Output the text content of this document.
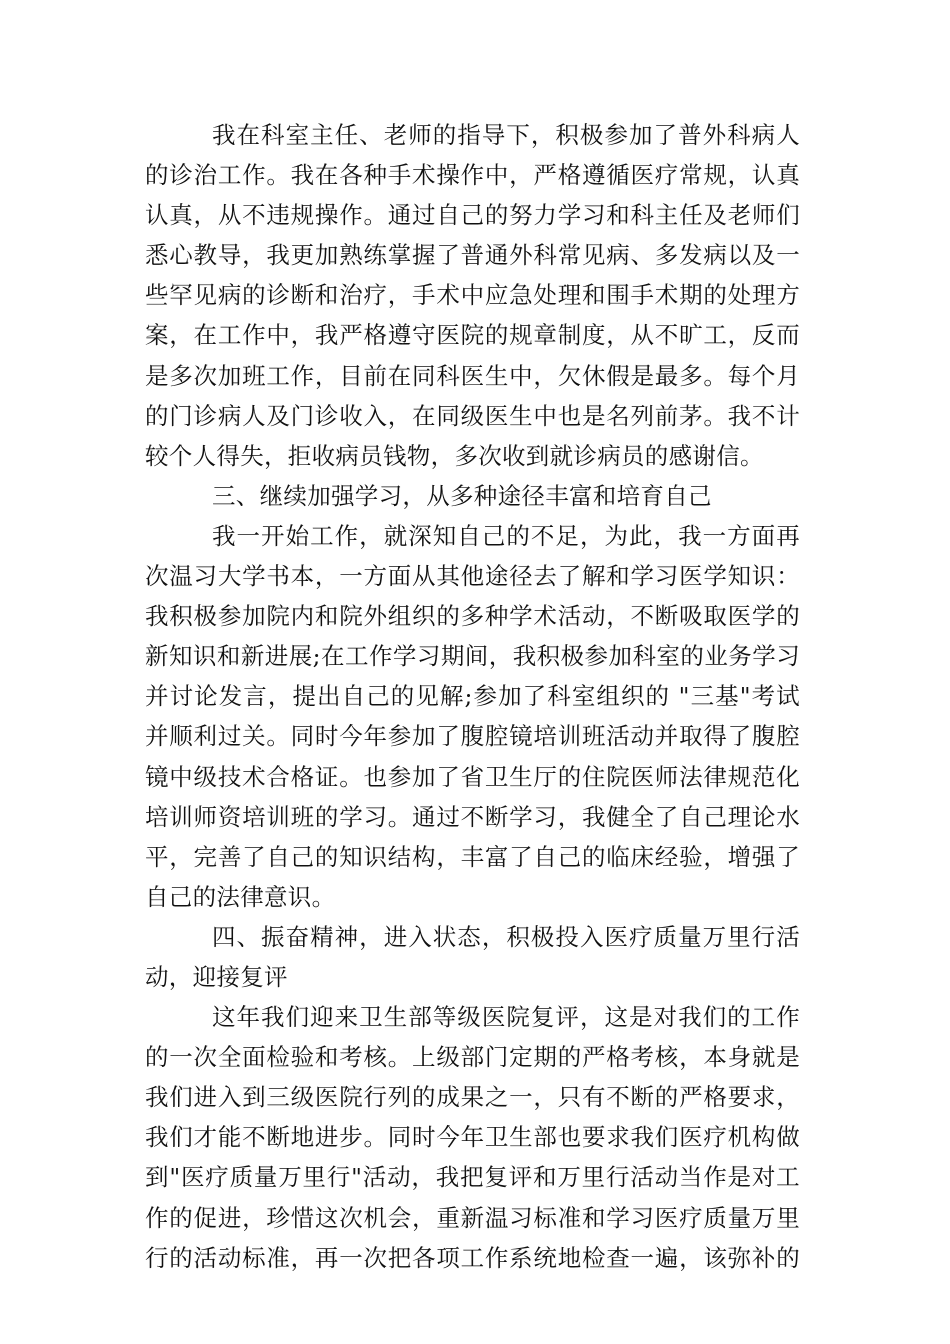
我在科室主任、老师的指导下，积极参加了普外科病人
的诊治工作。我在各种手术操作中，严格遵循医疗常规，认真
认真，从不违规操作。通过自己的努力学习和科主任及老师们
悉心教导，我更加熟练掌握了普通外科常见病、多发病以及一
些罕见病的诊断和治疗，手术中应急处理和围手术期的处理方
案，在工作中，我严格遵守医院的规章制度，从不旷工，反而
是多次加班工作，目前在同科医生中，欠休假是最多。每个月
的门诊病人及门诊收入，在同级医生中也是名列前茅。我不计
较个人得失，拒收病员钱物，多次收到就诊病员的感谢信。
三、继续加强学习，从多种途径丰富和培育自己
我一开始工作，就深知自己的不足，为此，我一方面再
次温习大学书本，一方面从其他途径去了解和学习医学知识：
我积极参加院内和院外组织的多种学术活动，不断吸取医学的
新知识和新进展;在工作学习期间，我积极参加科室的业务学习
并讨论发言，提出自己的见解;参加了科室组织的 "三基"考试
并顺利过关。同时今年参加了腹腔镜培训班活动并取得了腹腔
镜中级技术合格证。也参加了省卫生厅的住院医师法律规范化
培训师资培训班的学习。通过不断学习，我健全了自己理论水
平，完善了自己的知识结构，丰富了自己的临床经验，增强了
自己的法律意识。
四、振奋精神，进入状态，积极投入医疗质量万里行活
动，迎接复评
这年我们迎来卫生部等级医院复评，这是对我们的工作
的一次全面检验和考核。上级部门定期的严格考核，本身就是
我们进入到三级医院行列的成果之一，只有不断的严格要求，
我们才能不断地进步。同时今年卫生部也要求我们医疗机构做
到"医疗质量万里行"活动，我把复评和万里行活动当作是对工
作的促进，珍惜这次机会，重新温习标准和学习医疗质量万里
行的活动标准，再一次把各项工作系统地检查一遍，该弥补的
